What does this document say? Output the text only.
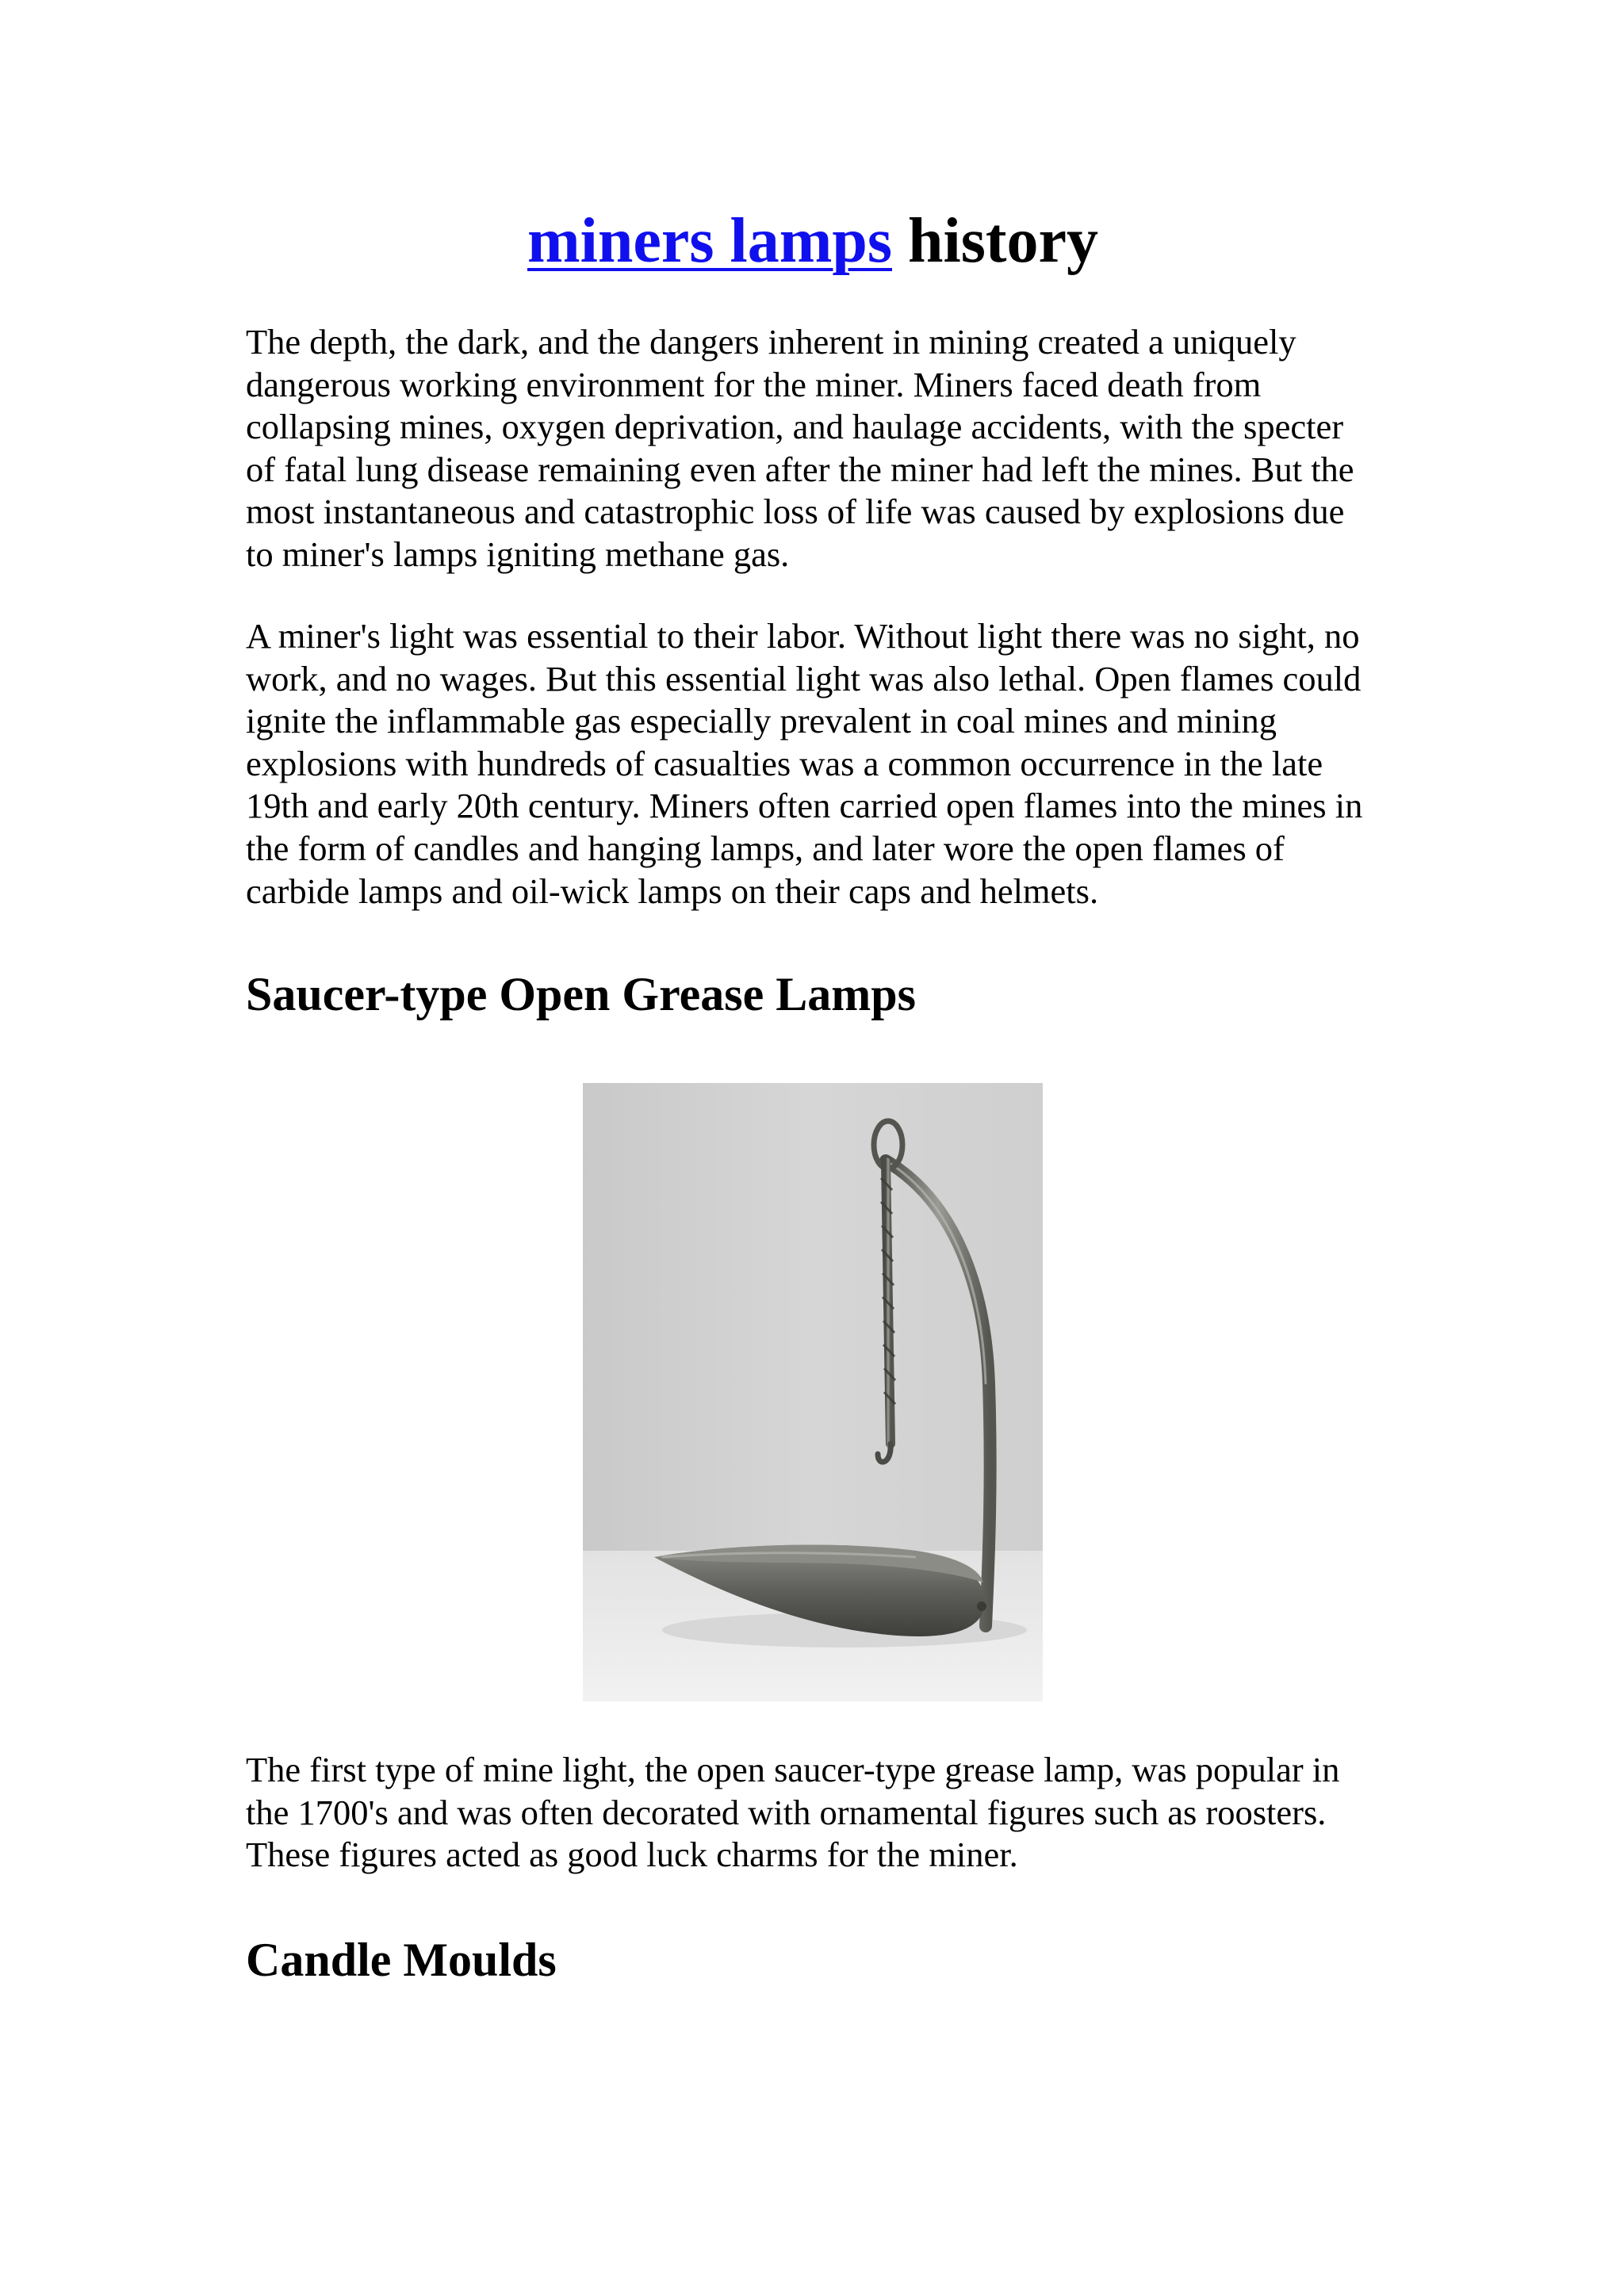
miners lamps history

The depth, the dark, and the dangers inherent in mining created a uniquely dangerous working environment for the miner. Miners faced death from collapsing mines, oxygen deprivation, and haulage accidents, with the specter of fatal lung disease remaining even after the miner had left the mines. But the most instantaneous and catastrophic loss of life was caused by explosions due to miner's lamps igniting methane gas.

A miner's light was essential to their labor. Without light there was no sight, no work, and no wages. But this essential light was also lethal. Open flames could ignite the inflammable gas especially prevalent in coal mines and mining explosions with hundreds of casualties was a common occurrence in the late 19th and early 20th century. Miners often carried open flames into the mines in the form of candles and hanging lamps, and later wore the open flames of carbide lamps and oil-wick lamps on their caps and helmets.

Saucer-type Open Grease Lamps

The first type of mine light, the open saucer-type grease lamp, was popular in the 1700's and was often decorated with ornamental figures such as roosters. These figures acted as good luck charms for the miner.

Candle Moulds
